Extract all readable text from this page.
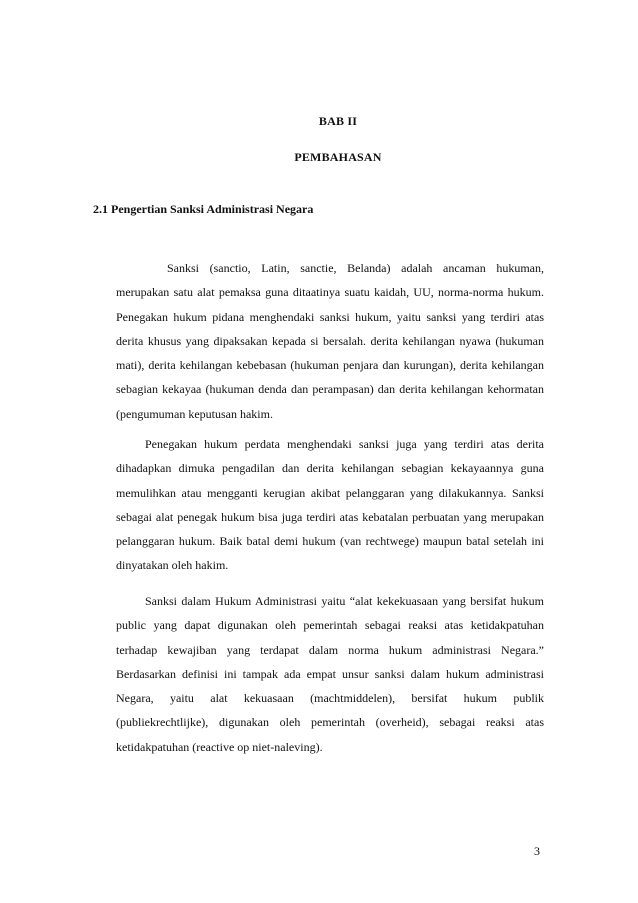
BAB II
PEMBAHASAN
2.1 Pengertian Sanksi Administrasi Negara

Sanksi (sanctio, Latin, sanctie, Belanda) adalah ancaman hukuman, merupakan satu alat pemaksa guna ditaatinya suatu kaidah, UU, norma-norma hukum. Penegakan hukum pidana menghendaki sanksi hukum, yaitu sanksi yang terdiri atas derita khusus yang dipaksakan kepada si bersalah. derita kehilangan nyawa (hukuman mati), derita kehilangan kebebasan (hukuman penjara dan kurungan), derita kehilangan sebagian kekayaa (hukuman denda dan perampasan) dan derita kehilangan kehormatan (pengumuman keputusan hakim.

Penegakan hukum perdata menghendaki sanksi juga yang terdiri atas derita dihadapkan dimuka pengadilan dan derita kehilangan sebagian kekayaannya guna memulihkan atau mengganti kerugian akibat pelanggaran yang dilakukannya. Sanksi sebagai alat penegak hukum bisa juga terdiri atas kebatalan perbuatan yang merupakan pelanggaran hukum. Baik batal demi hukum (van rechtwege) maupun batal setelah ini dinyatakan oleh hakim.

Sanksi dalam Hukum Administrasi yaitu “alat kekekuasaan yang bersifat hukum public yang dapat digunakan oleh pemerintah sebagai reaksi atas ketidakpatuhan terhadap kewajiban yang terdapat dalam norma hukum administrasi Negara.” Berdasarkan definisi ini tampak ada empat unsur sanksi dalam hukum administrasi Negara, yaitu alat kekuasaan (machtmiddelen), bersifat hukum publik (publiekrechtlijke), digunakan oleh pemerintah (overheid), sebagai reaksi atas ketidakpatuhan (reactive op niet-naleving).

3
